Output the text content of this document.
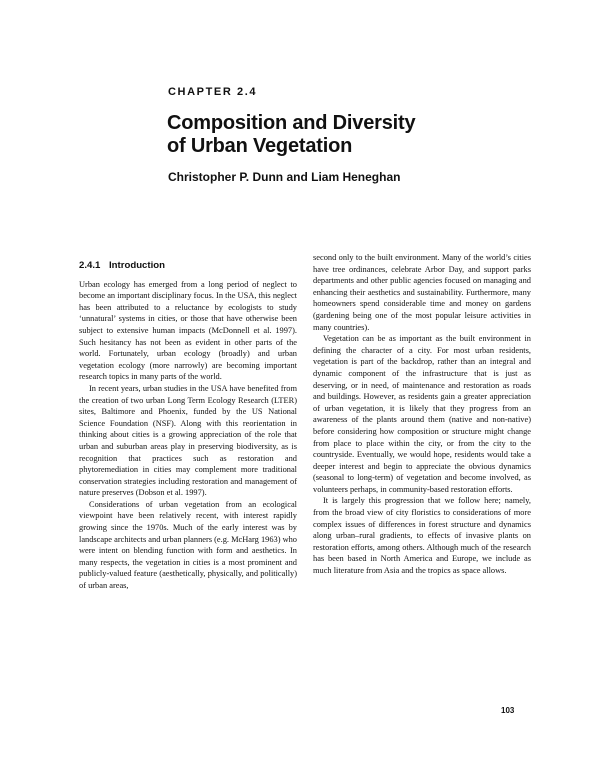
CHAPTER 2.4
Composition and Diversity
of Urban Vegetation
Christopher P. Dunn and Liam Heneghan
2.4.1 Introduction

Urban ecology has emerged from a long period of neglect to become an important disciplinary focus. In the USA, this neglect has been attributed to a reluctance by ecologists to study ‘unnatural’ systems in cities, or those that have otherwise been subject to extensive human impacts (McDonnell et al. 1997). Such hesitancy has not been as evident in other parts of the world. Fortunately, urban ecology (broadly) and urban vegetation ecology (more narrowly) are becoming important research topics in many parts of the world.

In recent years, urban studies in the USA have benefited from the creation of two urban Long Term Ecology Research (LTER) sites, Baltimore and Phoenix, funded by the US National Science Foundation (NSF). Along with this reorientation in thinking about cities is a growing appreciation of the role that urban and suburban areas play in preserving biodiversity, as is recognition that practices such as restoration and phytoremediation in cities may complement more traditional conservation strategies including restoration and management of nature preserves (Dobson et al. 1997).

Considerations of urban vegetation from an ecological viewpoint have been relatively recent, with interest rapidly growing since the 1970s. Much of the early interest was by landscape architects and urban planners (e.g. McHarg 1963) who were intent on blending function with form and aesthetics. In many respects, the vegetation in cities is a most prominent and publicly-valued feature (aesthetically, physically, and politically) of urban areas,

second only to the built environment. Many of the world’s cities have tree ordinances, celebrate Arbor Day, and support parks departments and other public agencies focused on managing and enhancing their aesthetics and sustainability. Furthermore, many homeowners spend considerable time and money on gardens (gardening being one of the most popular leisure activities in many countries).

Vegetation can be as important as the built environment in defining the character of a city. For most urban residents, vegetation is part of the backdrop, rather than an integral and dynamic component of the infrastructure that is just as deserving, or in need, of maintenance and restoration as roads and buildings. However, as residents gain a greater appreciation of urban vegetation, it is likely that they progress from an awareness of the plants around them (native and non-native) before considering how composition or structure might change from place to place within the city, or from the city to the countryside. Eventually, we would hope, residents would take a deeper interest and begin to appreciate the obvious dynamics (seasonal to long-term) of vegetation and become involved, as volunteers perhaps, in community-based restoration efforts.

It is largely this progression that we follow here; namely, from the broad view of city floristics to considerations of more complex issues of differences in forest structure and dynamics along urban–rural gradients, to effects of invasive plants on restoration efforts, among others. Although much of the research has been based in North America and Europe, we include as much literature from Asia and the tropics as space allows.

103
